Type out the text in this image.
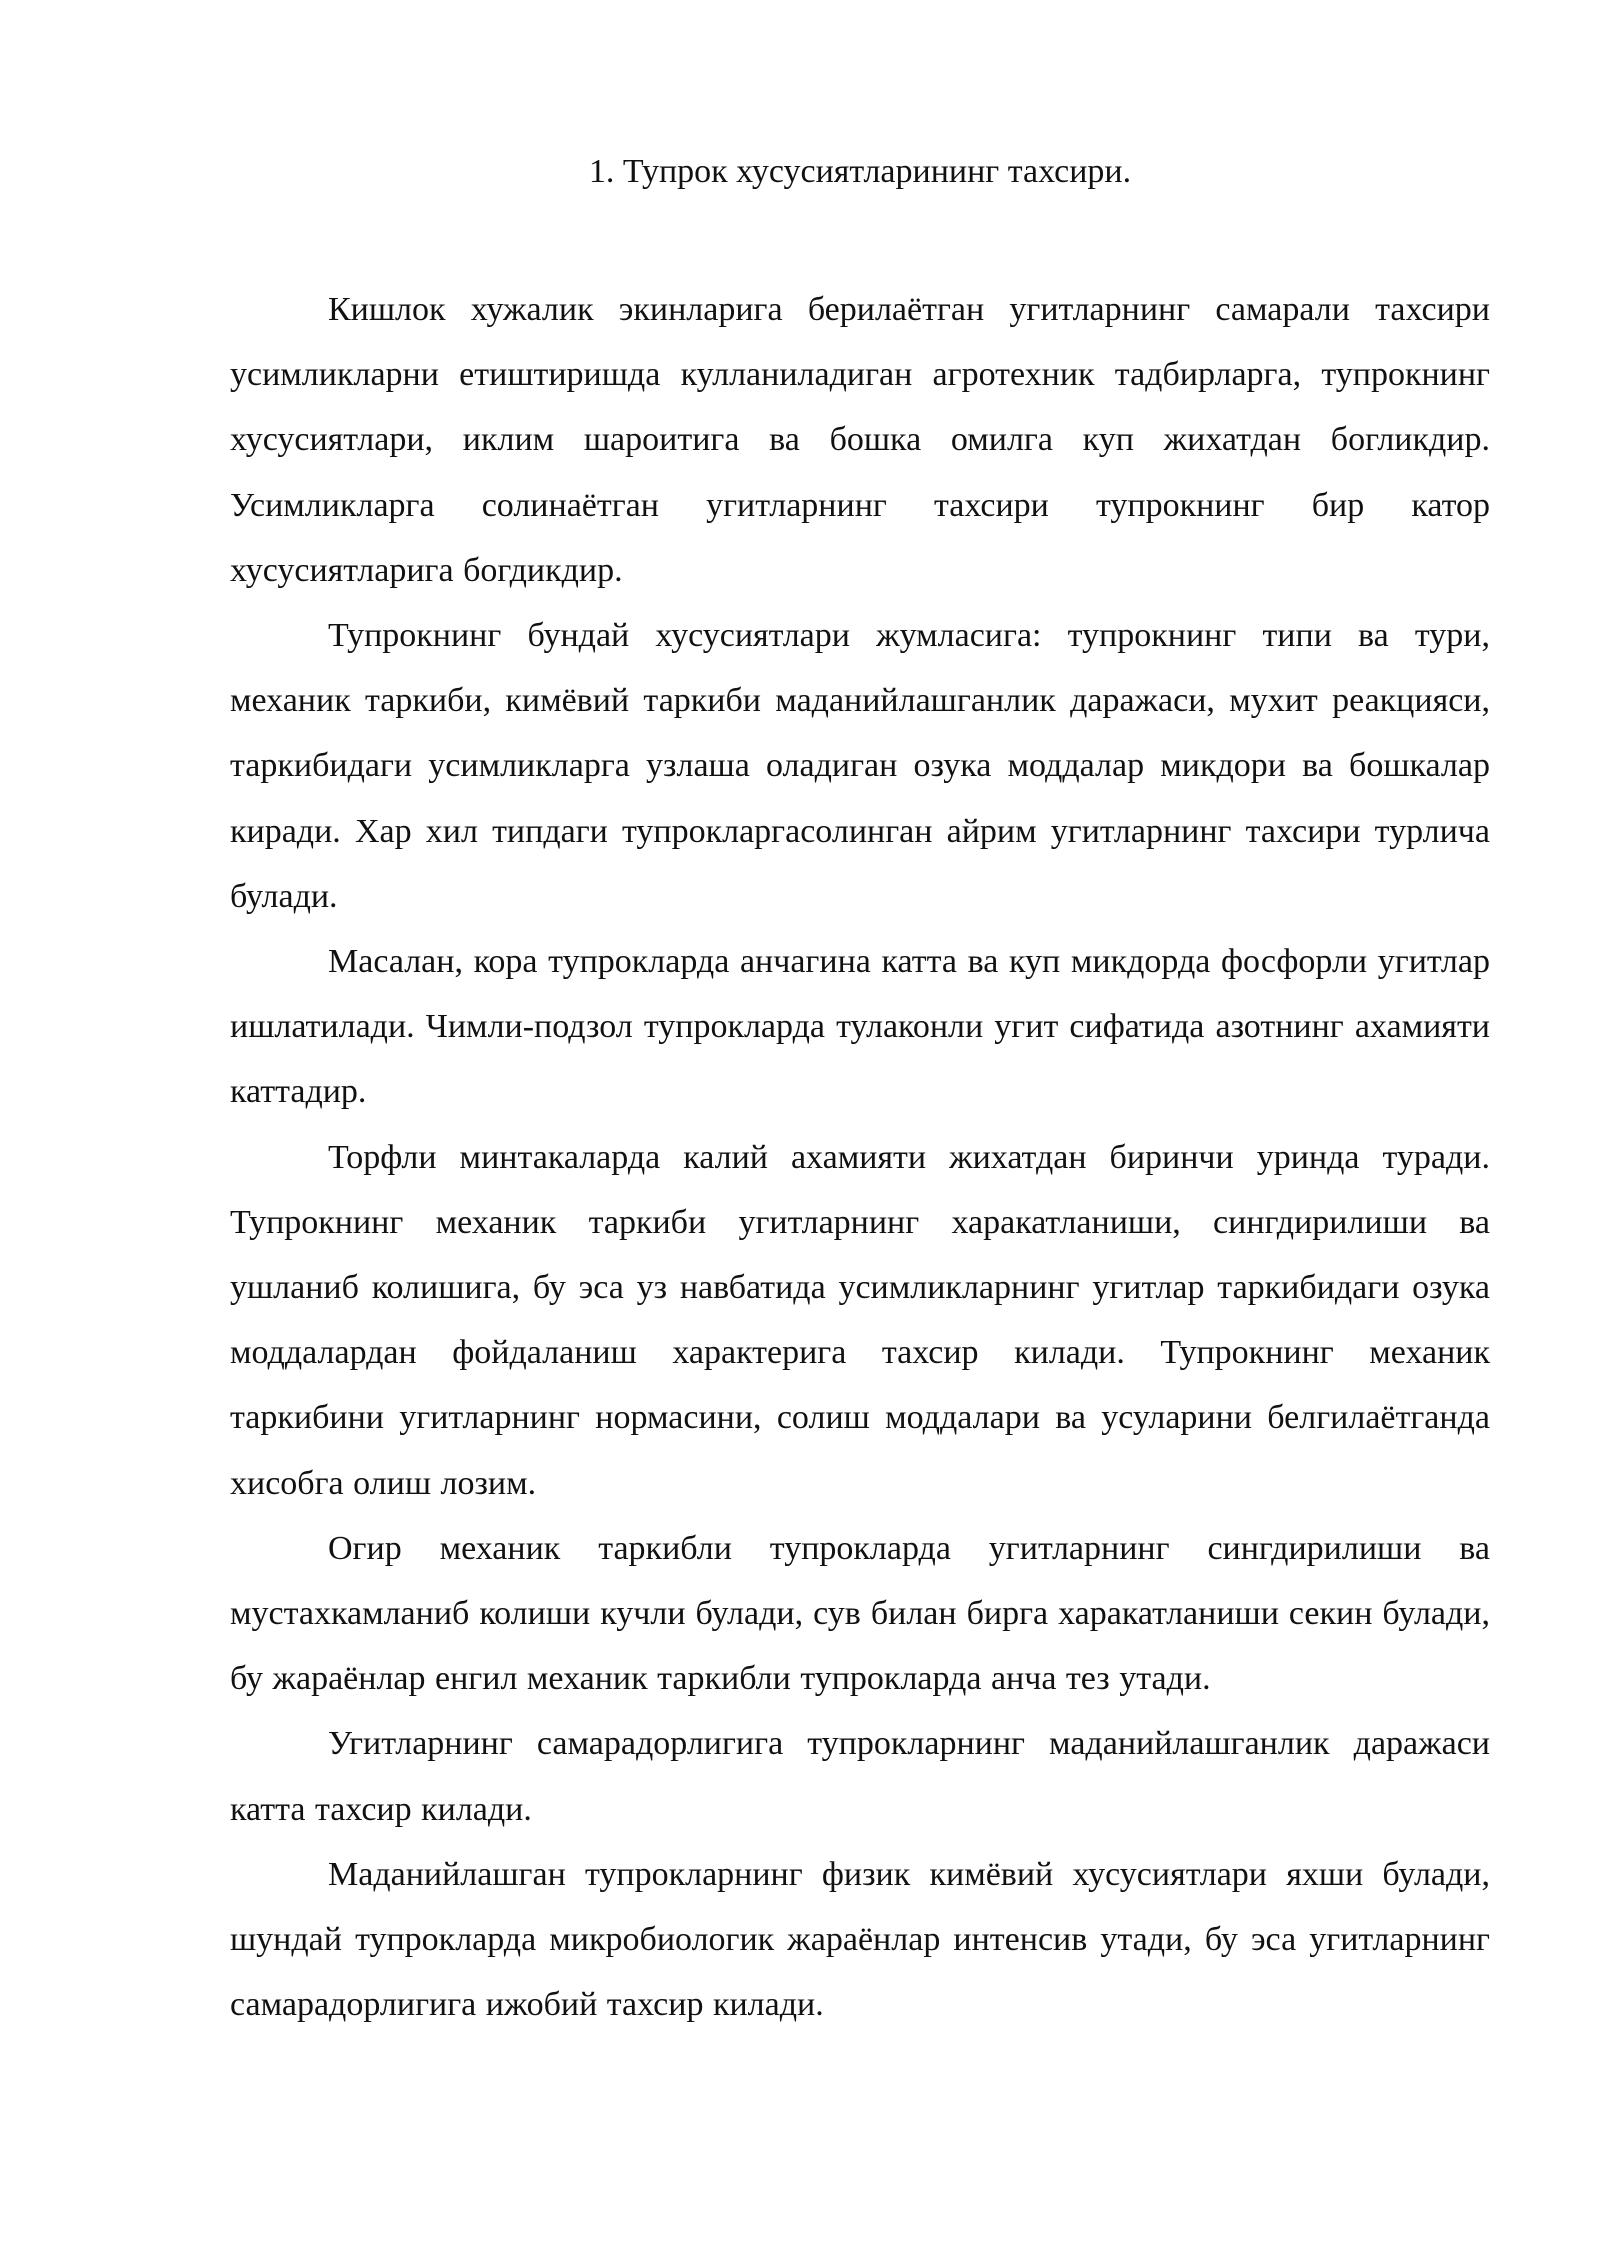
1. Тупрок хусусиятларининг тахсири.

Кишлок хужалик экинларига берилаётган угитларнинг самарали тахсири усимликларни етиштиришда кулланиладиган агротехник тадбирларга, тупрокнинг хусусиятлари, иклим шароитига ва бошка омилга куп жихатдан богликдир. Усимликларга солинаётган угитларнинг тахсири тупрокнинг бир катор хусусиятларига богдикдир.

Тупрокнинг бундай хусусиятлари жумласига: тупрокнинг типи ва тури, механик таркиби, кимёвий таркиби маданийлашганлик даражаси, мухит реакцияси, таркибидаги усимликларга узлаша оладиган озука моддалар микдори ва бошкалар киради. Хар хил типдаги тупрокларгасолинган айрим угитларнинг тахсири турлича булади.

Масалан, кора тупрокларда анчагина катта ва куп микдорда фосфорли угитлар ишлатилади. Чимли-подзол тупрокларда тулаконли угит сифатида азотнинг ахамияти каттадир.

Торфли минтакаларда калий ахамияти жихатдан биринчи уринда туради. Тупрокнинг механик таркиби угитларнинг харакатланиши, сингдирилиши ва ушланиб колишига, бу эса уз навбатида усимликларнинг угитлар таркибидаги озука моддалардан фойдаланиш характерига тахсир килади. Тупрокнинг механик таркибини угитларнинг нормасини, солиш моддалари ва усуларини белгилаётганда хисобга олиш лозим.

Огир механик таркибли тупрокларда угитларнинг сингдирилиши ва мустахкамланиб колиши кучли булади, сув билан бирга харакатланиши секин булади, бу жараёнлар енгил механик таркибли тупрокларда анча тез утади.

Угитларнинг самарадорлигига тупрокларнинг маданийлашганлик даражаси катта тахсир килади.

Маданийлашган тупрокларнинг физик кимёвий хусусиятлари яхши булади, шундай тупрокларда микробиологик жараёнлар интенсив утади, бу эса угитларнинг самарадорлигига ижобий тахсир килади.
